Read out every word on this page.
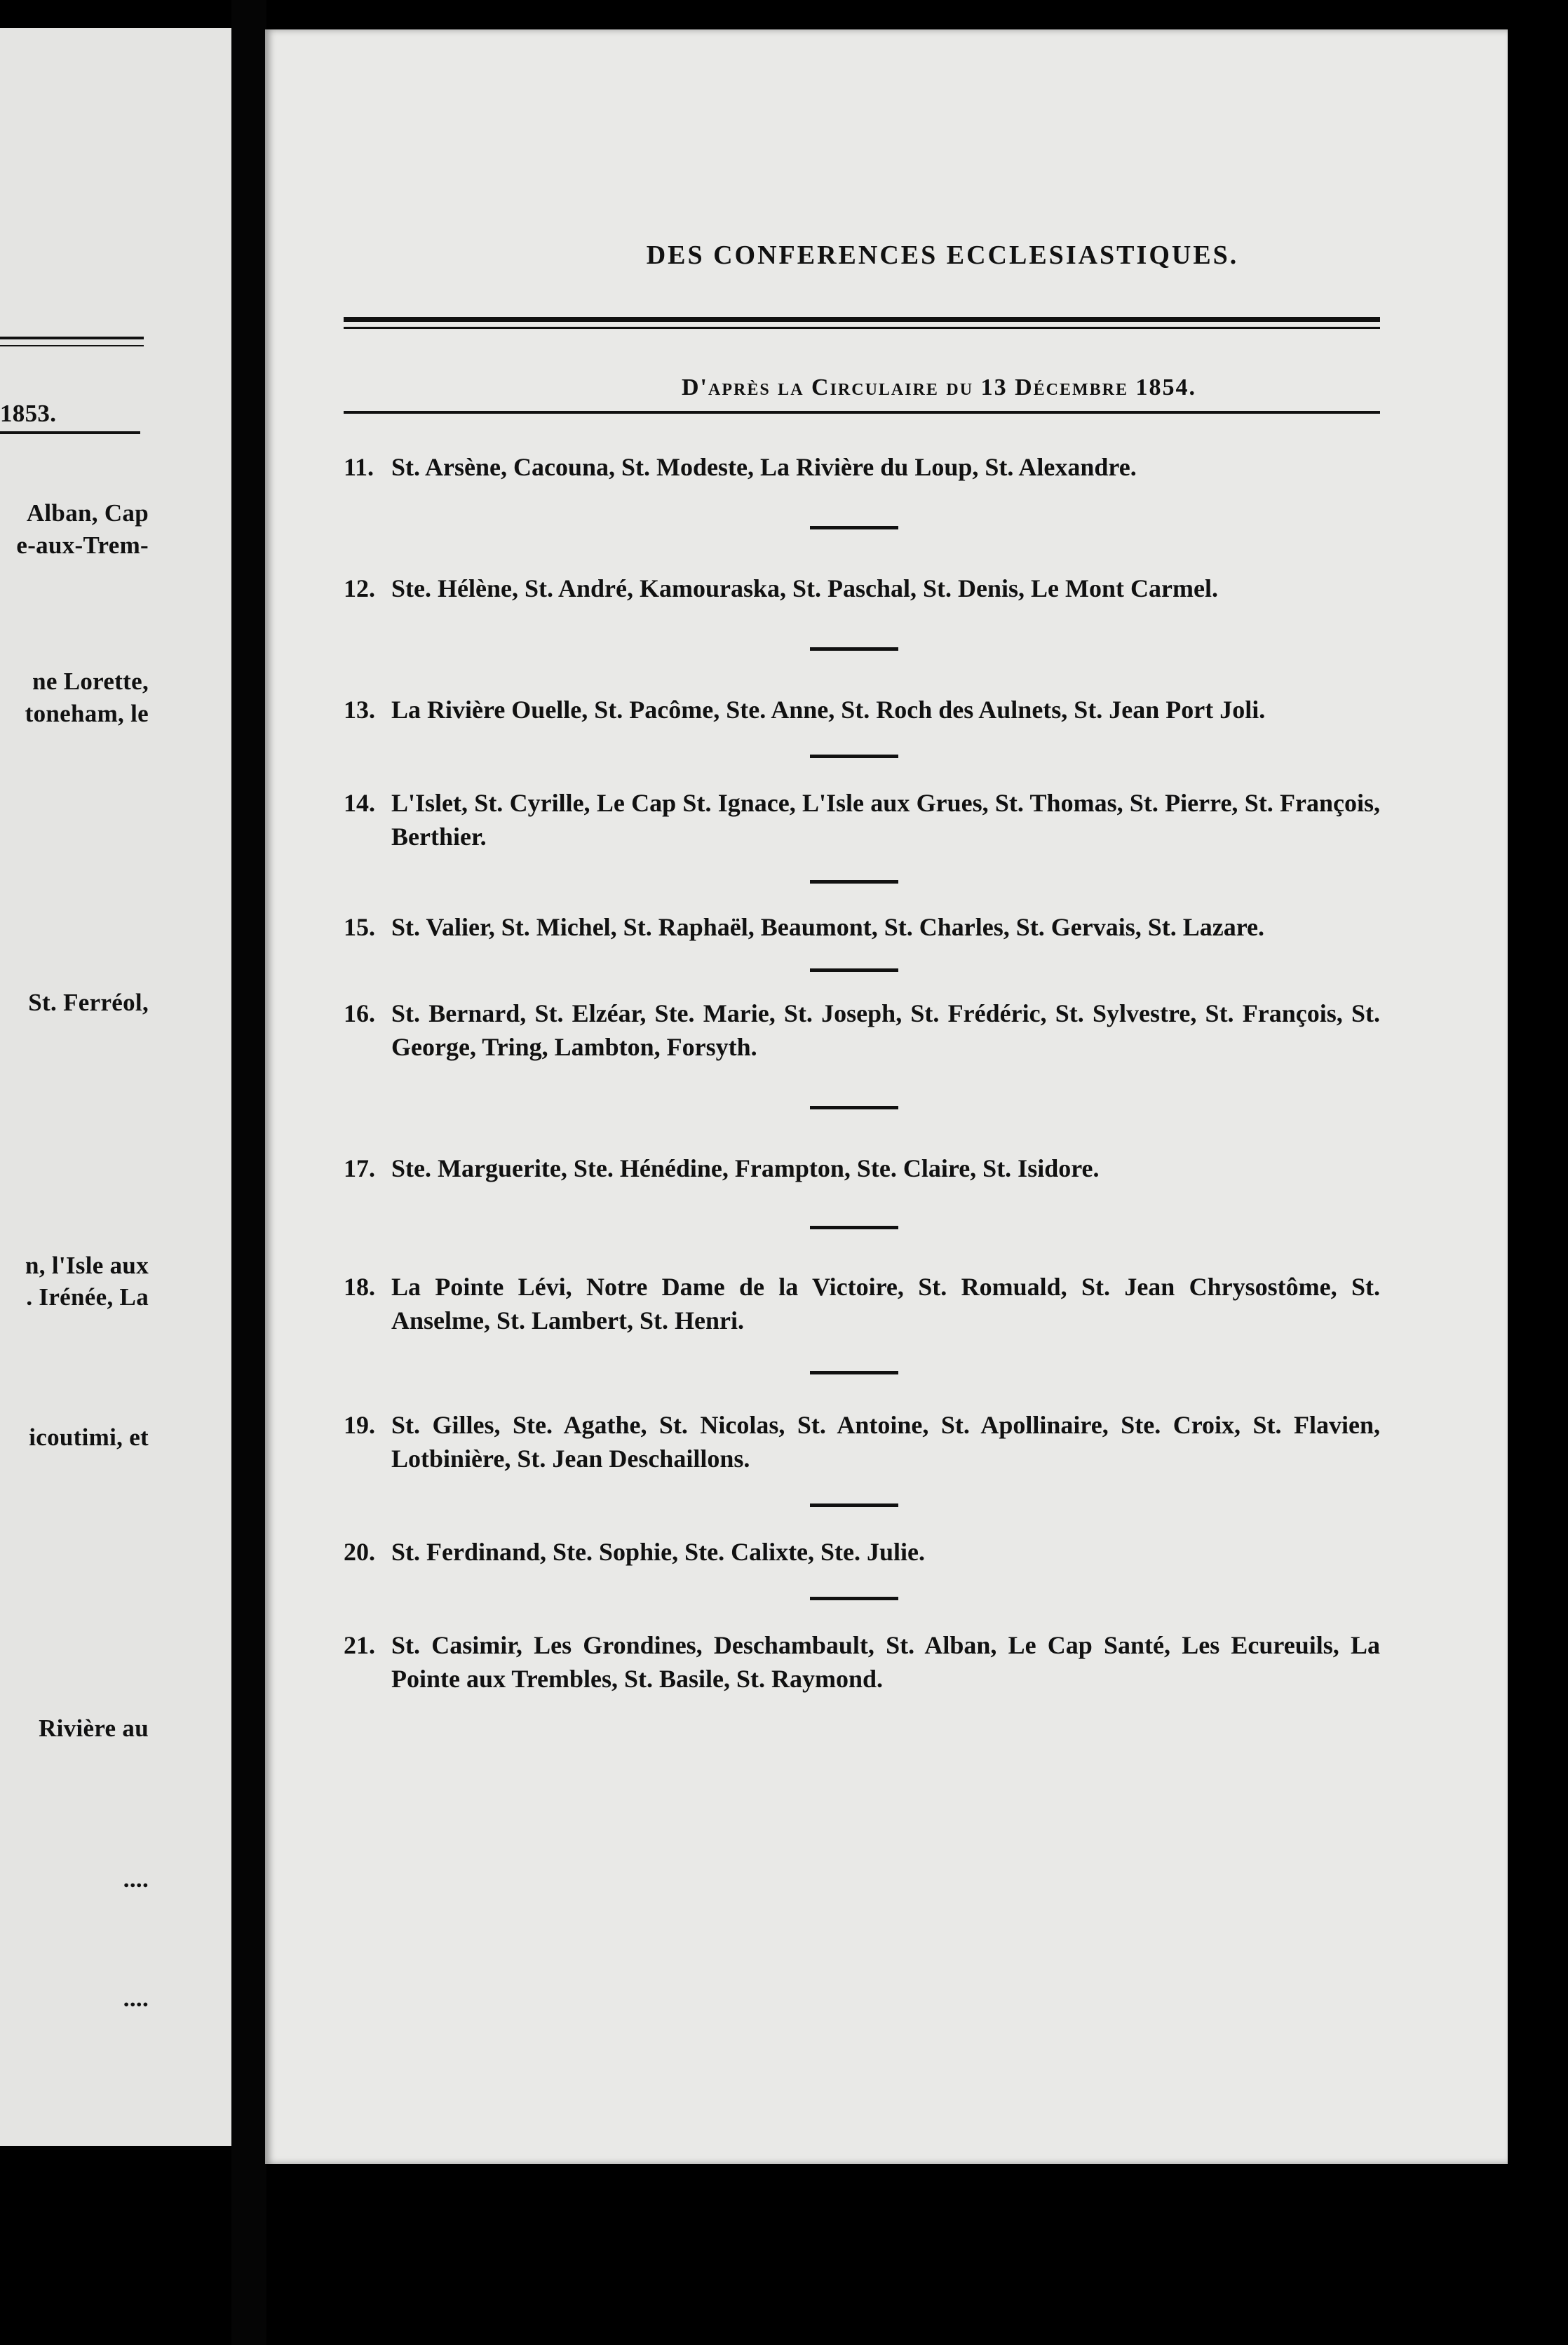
1853.
Alban, Cap
e-aux-Trem-
ne Lorette,
toneham, le
St. Ferréol,
n, l'Isle aux
. Irénée, La
icoutimi, et
Rivière au
....
....
DES CONFERENCES ECCLESIASTIQUES.
D'après la Circulaire du 13 Décembre 1854.
11. St. Arsène, Cacouna, St. Modeste, La Rivière du Loup, St. Alexandre.
12. Ste. Hélène, St. André, Kamouraska, St. Paschal, St. Denis, Le Mont Carmel.
13. La Rivière Ouelle, St. Pacôme, Ste. Anne, St. Roch des Aulnets, St. Jean Port Joli.
14. L'Islet, St. Cyrille, Le Cap St. Ignace, L'Isle aux Grues, St. Thomas, St. Pierre, St. François, Berthier.
15. St. Valier, St. Michel, St. Raphaël, Beaumont, St. Charles, St. Gervais, St. Lazare.
16. St. Bernard, St. Elzéar, Ste. Marie, St. Joseph, St. Frédéric, St. Sylvestre, St. François, St. George, Tring, Lambton, Forsyth.
17. Ste. Marguerite, Ste. Hénédine, Frampton, Ste. Claire, St. Isidore.
18. La Pointe Lévi, Notre Dame de la Victoire, St. Romuald, St. Jean Chrysostôme, St. Anselme, St. Lambert, St. Henri.
19. St. Gilles, Ste. Agathe, St. Nicolas, St. Antoine, St. Apollinaire, Ste. Croix, St. Flavien, Lotbinière, St. Jean Deschaillons.
20. St. Ferdinand, Ste. Sophie, Ste. Calixte, Ste. Julie.
21. St. Casimir, Les Grondines, Deschambault, St. Alban, Le Cap Santé, Les Ecureuils, La Pointe aux Trembles, St. Basile, St. Raymond.
